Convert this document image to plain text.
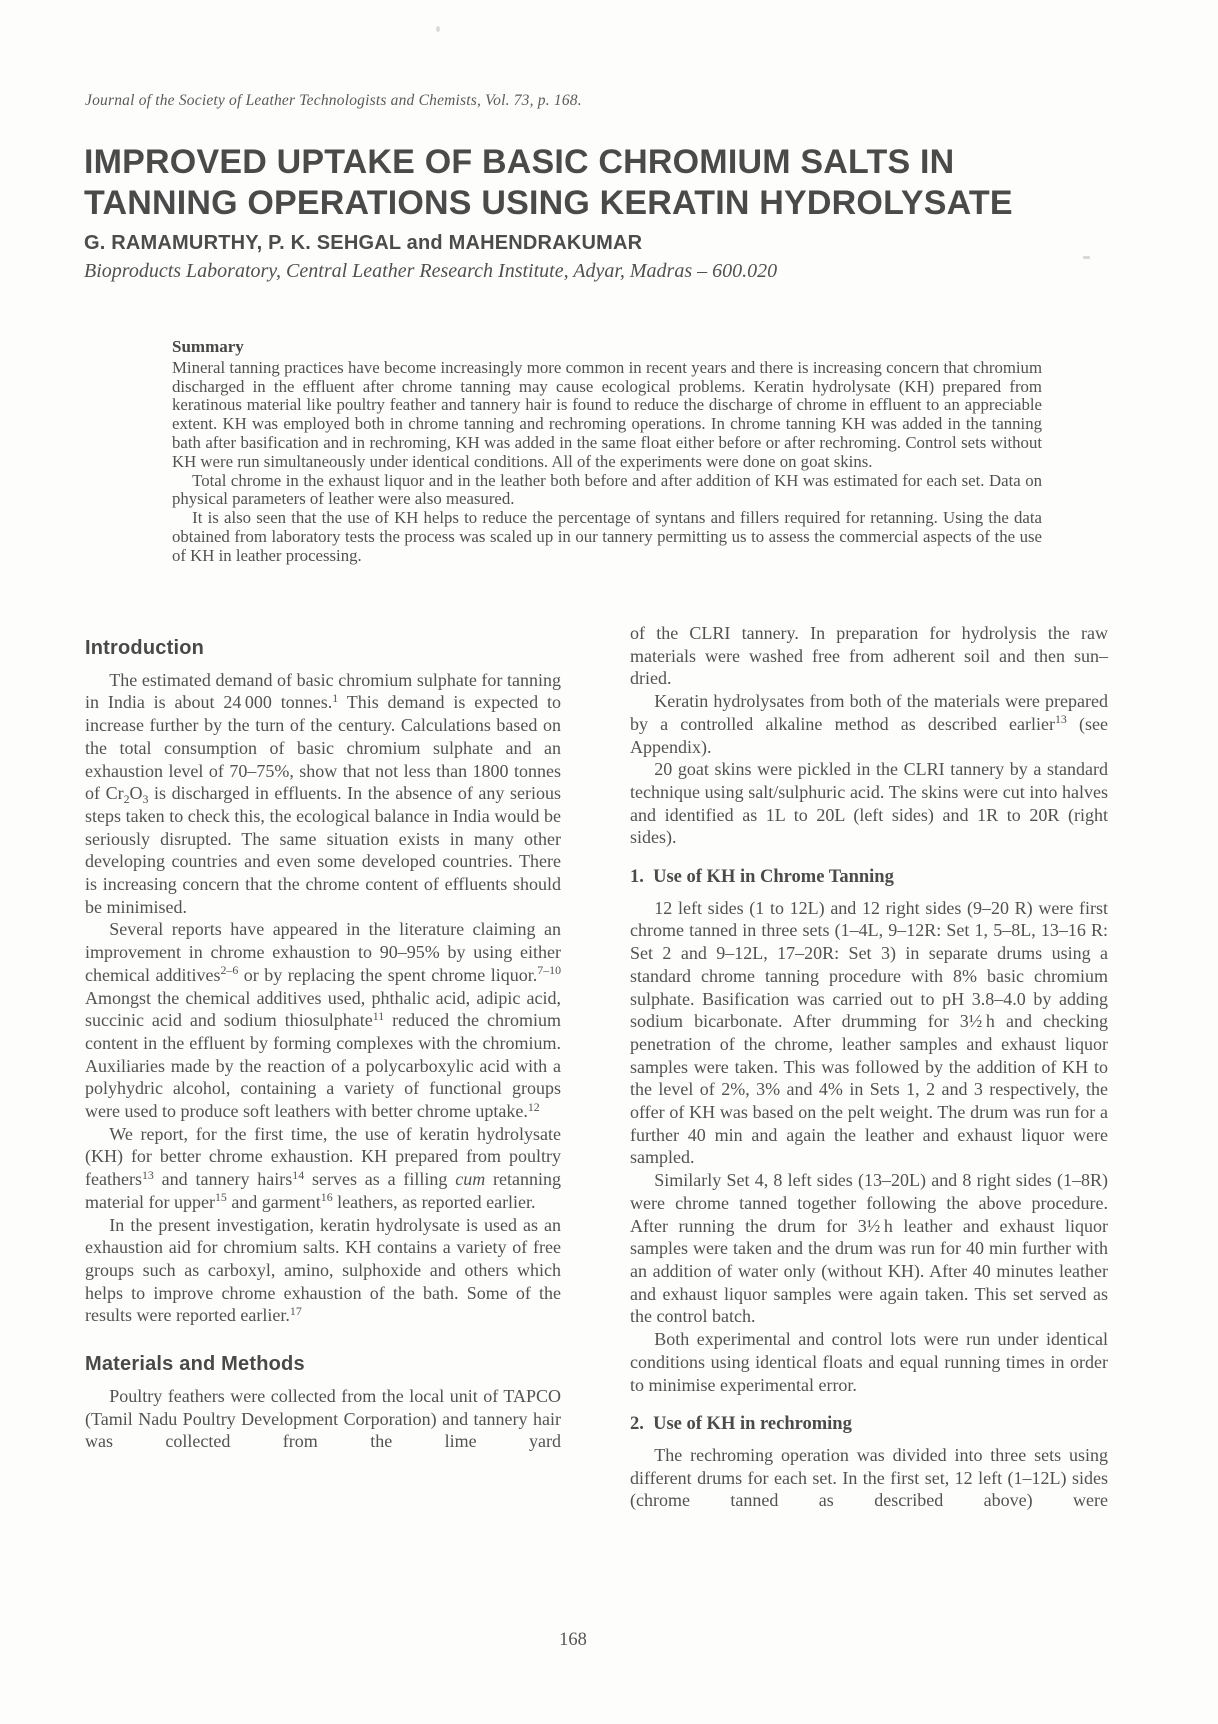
Journal of the Society of Leather Technologists and Chemists, Vol. 73, p. 168.
IMPROVED UPTAKE OF BASIC CHROMIUM SALTS IN
TANNING OPERATIONS USING KERATIN HYDROLYSATE
G. RAMAMURTHY, P. K. SEHGAL and MAHENDRAKUMAR
Bioproducts Laboratory, Central Leather Research Institute, Adyar, Madras – 600.020
Summary

Mineral tanning practices have become increasingly more common in recent years and there is increasing concern that chromium discharged in the effluent after chrome tanning may cause ecological problems. Keratin hydrolysate (KH) prepared from keratinous material like poultry feather and tannery hair is found to reduce the discharge of chrome in effluent to an appreciable extent. KH was employed both in chrome tanning and rechroming operations. In chrome tanning KH was added in the tanning bath after basification and in rechroming, KH was added in the same float either before or after rechroming. Control sets without KH were run simultaneously under identical conditions. All of the experiments were done on goat skins.

Total chrome in the exhaust liquor and in the leather both before and after addition of KH was estimated for each set. Data on physical parameters of leather were also measured.

It is also seen that the use of KH helps to reduce the percentage of syntans and fillers required for retanning. Using the data obtained from laboratory tests the process was scaled up in our tannery permitting us to assess the commercial aspects of the use of KH in leather processing.

Introduction

The estimated demand of basic chromium sulphate for tanning in India is about 24 000 tonnes.$^1$ This demand is expected to increase further by the turn of the century. Calculations based on the total consumption of basic chromium sulphate and an exhaustion level of 70–75%, show that not less than 1800 tonnes of $Cr_2O_3$ is discharged in effluents. In the absence of any serious steps taken to check this, the ecological balance in India would be seriously disrupted. The same situation exists in many other developing countries and even some developed countries. There is increasing concern that the chrome content of effluents should be minimised.

Several reports have appeared in the literature claiming an improvement in chrome exhaustion to 90–95% by using either chemical additives$^{2-6}$ or by replacing the spent chrome liquor.$^{7-10}$ Amongst the chemical additives used, phthalic acid, adipic acid, succinic acid and sodium thiosulphate$^{11}$ reduced the chromium content in the effluent by forming complexes with the chromium. Auxiliaries made by the reaction of a polycarboxylic acid with a polyhydric alcohol, containing a variety of functional groups were used to produce soft leathers with better chrome uptake.$^{12}$

We report, for the first time, the use of keratin hydrolysate (KH) for better chrome exhaustion. KH prepared from poultry feathers$^{13}$ and tannery hairs$^{14}$ serves as a filling cum retanning material for upper$^{15}$ and garment$^{16}$ leathers, as reported earlier.

In the present investigation, keratin hydrolysate is used as an exhaustion aid for chromium salts. KH contains a variety of free groups such as carboxyl, amino, sulphoxide and others which helps to improve chrome exhaustion of the bath. Some of the results were reported earlier.$^{17}$

Materials and Methods

Poultry feathers were collected from the local unit of TAPCO (Tamil Nadu Poultry Development Corporation) and tannery hair was collected from the lime yard

of the CLRI tannery. In preparation for hydrolysis the raw materials were washed free from adherent soil and then sun–dried.

Keratin hydrolysates from both of the materials were prepared by a controlled alkaline method as described earlier$^{13}$ (see Appendix).

20 goat skins were pickled in the CLRI tannery by a standard technique using salt/sulphuric acid. The skins were cut into halves and identified as 1L to 20L (left sides) and 1R to 20R (right sides).

1. Use of KH in Chrome Tanning

12 left sides (1 to 12L) and 12 right sides (9–20 R) were first chrome tanned in three sets (1–4L, 9–12R: Set 1, 5–8L, 13–16 R: Set 2 and 9–12L, 17–20R: Set 3) in separate drums using a standard chrome tanning procedure with 8% basic chromium sulphate. Basification was carried out to pH 3.8–4.0 by adding sodium bicarbonate. After drumming for 3½ h and checking penetration of the chrome, leather samples and exhaust liquor samples were taken. This was followed by the addition of KH to the level of 2%, 3% and 4% in Sets 1, 2 and 3 respectively, the offer of KH was based on the pelt weight. The drum was run for a further 40 min and again the leather and exhaust liquor were sampled.

Similarly Set 4, 8 left sides (13–20L) and 8 right sides (1–8R) were chrome tanned together following the above procedure. After running the drum for 3½ h leather and exhaust liquor samples were taken and the drum was run for 40 min further with an addition of water only (without KH). After 40 minutes leather and exhaust liquor samples were again taken. This set served as the control batch.

Both experimental and control lots were run under identical conditions using identical floats and equal running times in order to minimise experimental error.

2. Use of KH in rechroming

The rechroming operation was divided into three sets using different drums for each set. In the first set, 12 left (1–12L) sides (chrome tanned as described above) were

168
